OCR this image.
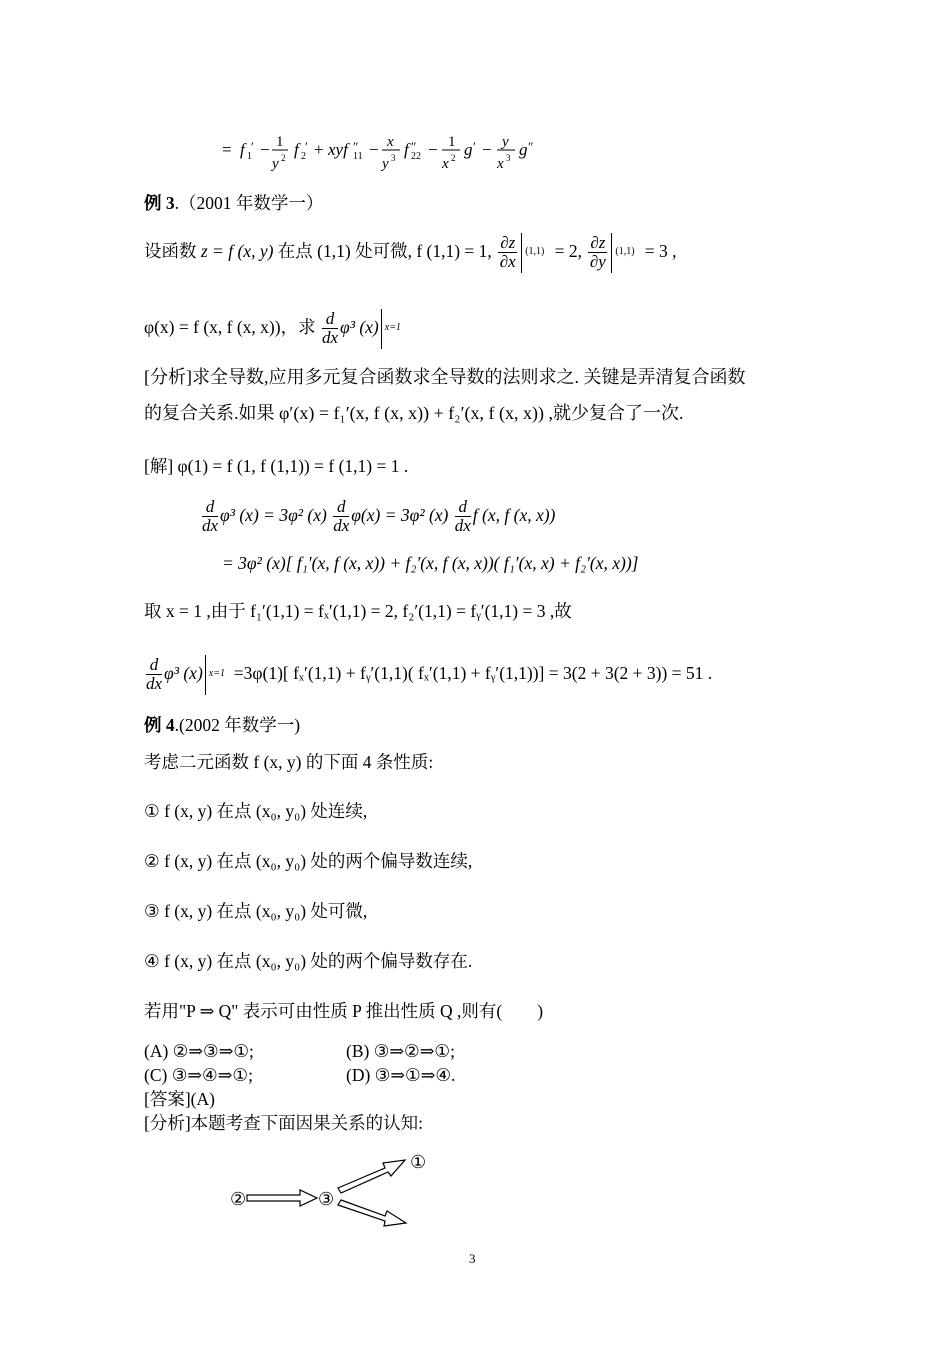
= f 1
′ − 1
y 2 f 2
′ + xyf 11
″ − x
y 3 f 22
″ − 1
x 2 g ′ − y
x 3 g ″
例 3.（2001 年数学一）
设函数 z = f (x, y) 在点 (1,1) 处可微, f (1,1) = 1, $\frac{\partial z}{\partial x} (1,1) = 2$, $\frac{\partial z}{\partial y} (1,1) = 3$ ,
φ(x) = f (x, f (x, x))，求 $\frac{d}{dx} \varphi^3$ (x) x=1
[分析]求全导数,应用多元复合函数求全导数的法则求之. 关键是弄清复合函数
的复合关系.如果 φ′(x) = f₁′(x, f (x, x)) + f₂′(x, f (x, x)) ,就少复合了一次.
[解] φ(1) = f (1, f (1,1)) = f (1,1) = 1 .
$\frac{d}{dx} \varphi^3$ (x) = 3φ² $(x) \frac{d}{dx} \varphi(x) = 3\varphi^2$ $(x) \frac{d}{dx}$ f (x, f (x, x))
= 3φ² (x)[ f₁′(x, f (x, x)) + f₂′(x, f (x, x))( f₁′(x, x) + f₂′(x, x))]
取 x = 1 ,由于 f₁′(1,1) = fₓ′(1,1) = 2, f₂′(1,1) = fᵧ′(1,1) = 3 ,故
$\frac{d}{dx} \varphi^3$ (x) x=1 =3φ(1)[ fₓ′(1,1) + fᵧ′(1,1)( fₓ′(1,1) + fᵧ′(1,1))] = 3(2 + 3(2 + 3)) = 51 .
例 4.(2002 年数学一)
考虑二元函数 f (x, y) 的下面 4 条性质:
① f (x, y) 在点 (x₀, y₀) 处连续,
② f (x, y) 在点 (x₀, y₀) 处的两个偏导数连续,
③ f (x, y) 在点 (x₀, y₀) 处可微,
④ f (x, y) 在点 (x₀, y₀) 处的两个偏导数存在.
若用"P ⇒ Q" 表示可由性质 P 推出性质 Q ,则有(　　)
(A) ②⇒③⇒①;	(B) ③⇒②⇒①;
(C) ③⇒④⇒①;	(D) ③⇒①⇒④.
[答案](A)
[分析]本题考查下面因果关系的认知:
②	③
①
3
